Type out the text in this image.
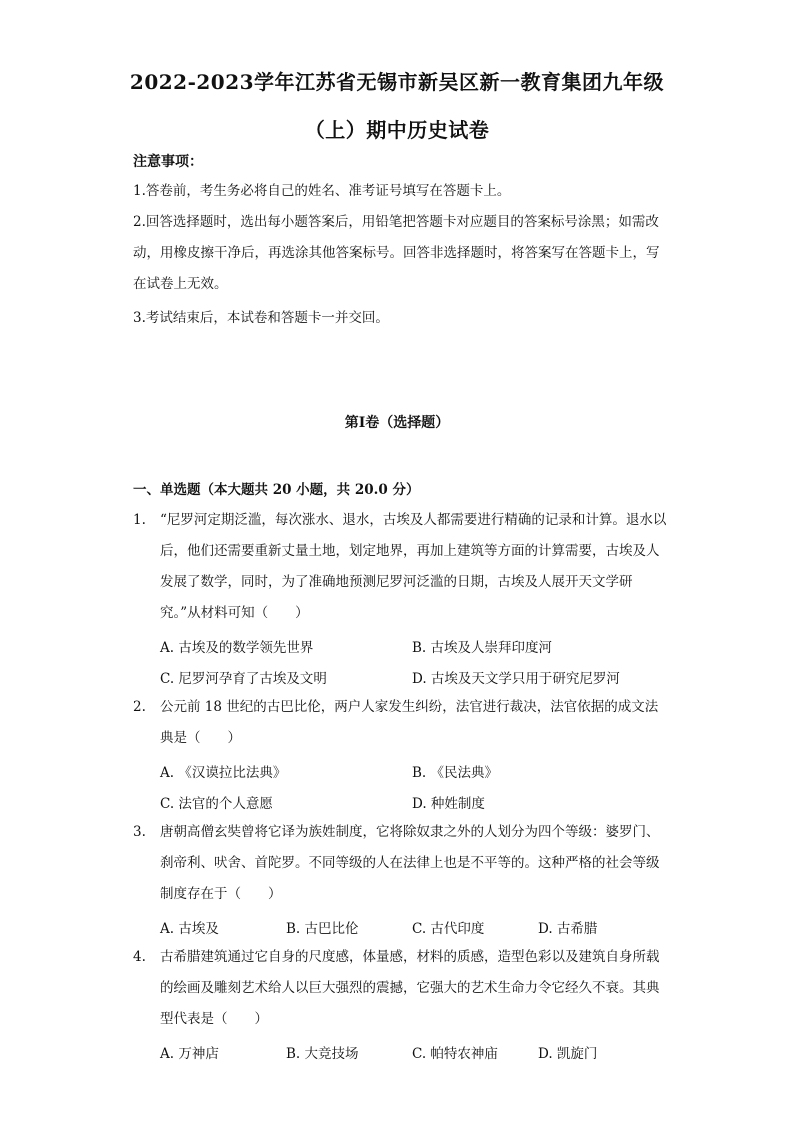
2022-2023学年江苏省无锡市新吴区新一教育集团九年级
（上）期中历史试卷
注意事项：
1.答卷前，考生务必将自己的姓名、准考证号填写在答题卡上。
2.回答选择题时，选出每小题答案后，用铅笔把答题卡对应题目的答案标号涂黑；如需改动，用橡皮擦干净后，再选涂其他答案标号。回答非选择题时，将答案写在答题卡上，写在试卷上无效。
3.考试结束后，本试卷和答题卡一并交回。
第I卷（选择题）
一、单选题（本大题共 20 小题，共 20.0 分）
1. “尼罗河定期泛滥，每次涨水、退水，古埃及人都需要进行精确的记录和计算。退水以后，他们还需要重新丈量土地，划定地界，再加上建筑等方面的计算需要，古埃及人发展了数学，同时，为了准确地预测尼罗河泛滥的日期，古埃及人展开天文学研究。”从材料可知（　　）
A. 古埃及的数学领先世界	B. 古埃及人崇拜印度河
C. 尼罗河孕育了古埃及文明	D. 古埃及天文学只用于研究尼罗河
2. 公元前 18 世纪的古巴比伦，两户人家发生纠纷，法官进行裁决，法官依据的成文法典是（　　）
A. 《汉谟拉比法典》	B. 《民法典》
C. 法官的个人意愿	D. 种姓制度
3. 唐朝高僧玄奘曾将它译为族姓制度，它将除奴隶之外的人划分为四个等级：婆罗门、刹帝利、吠舍、首陀罗。不同等级的人在法律上也是不平等的。这种严格的社会等级制度存在于（　　）
A. 古埃及	B. 古巴比伦	C. 古代印度	D. 古希腊
4. 古希腊建筑通过它自身的尺度感，体量感，材料的质感，造型色彩以及建筑自身所载的绘画及雕刻艺术给人以巨大强烈的震撼，它强大的艺术生命力令它经久不衰。其典型代表是（　　）
A. 万神店	B. 大竞技场	C. 帕特农神庙	D. 凯旋门
